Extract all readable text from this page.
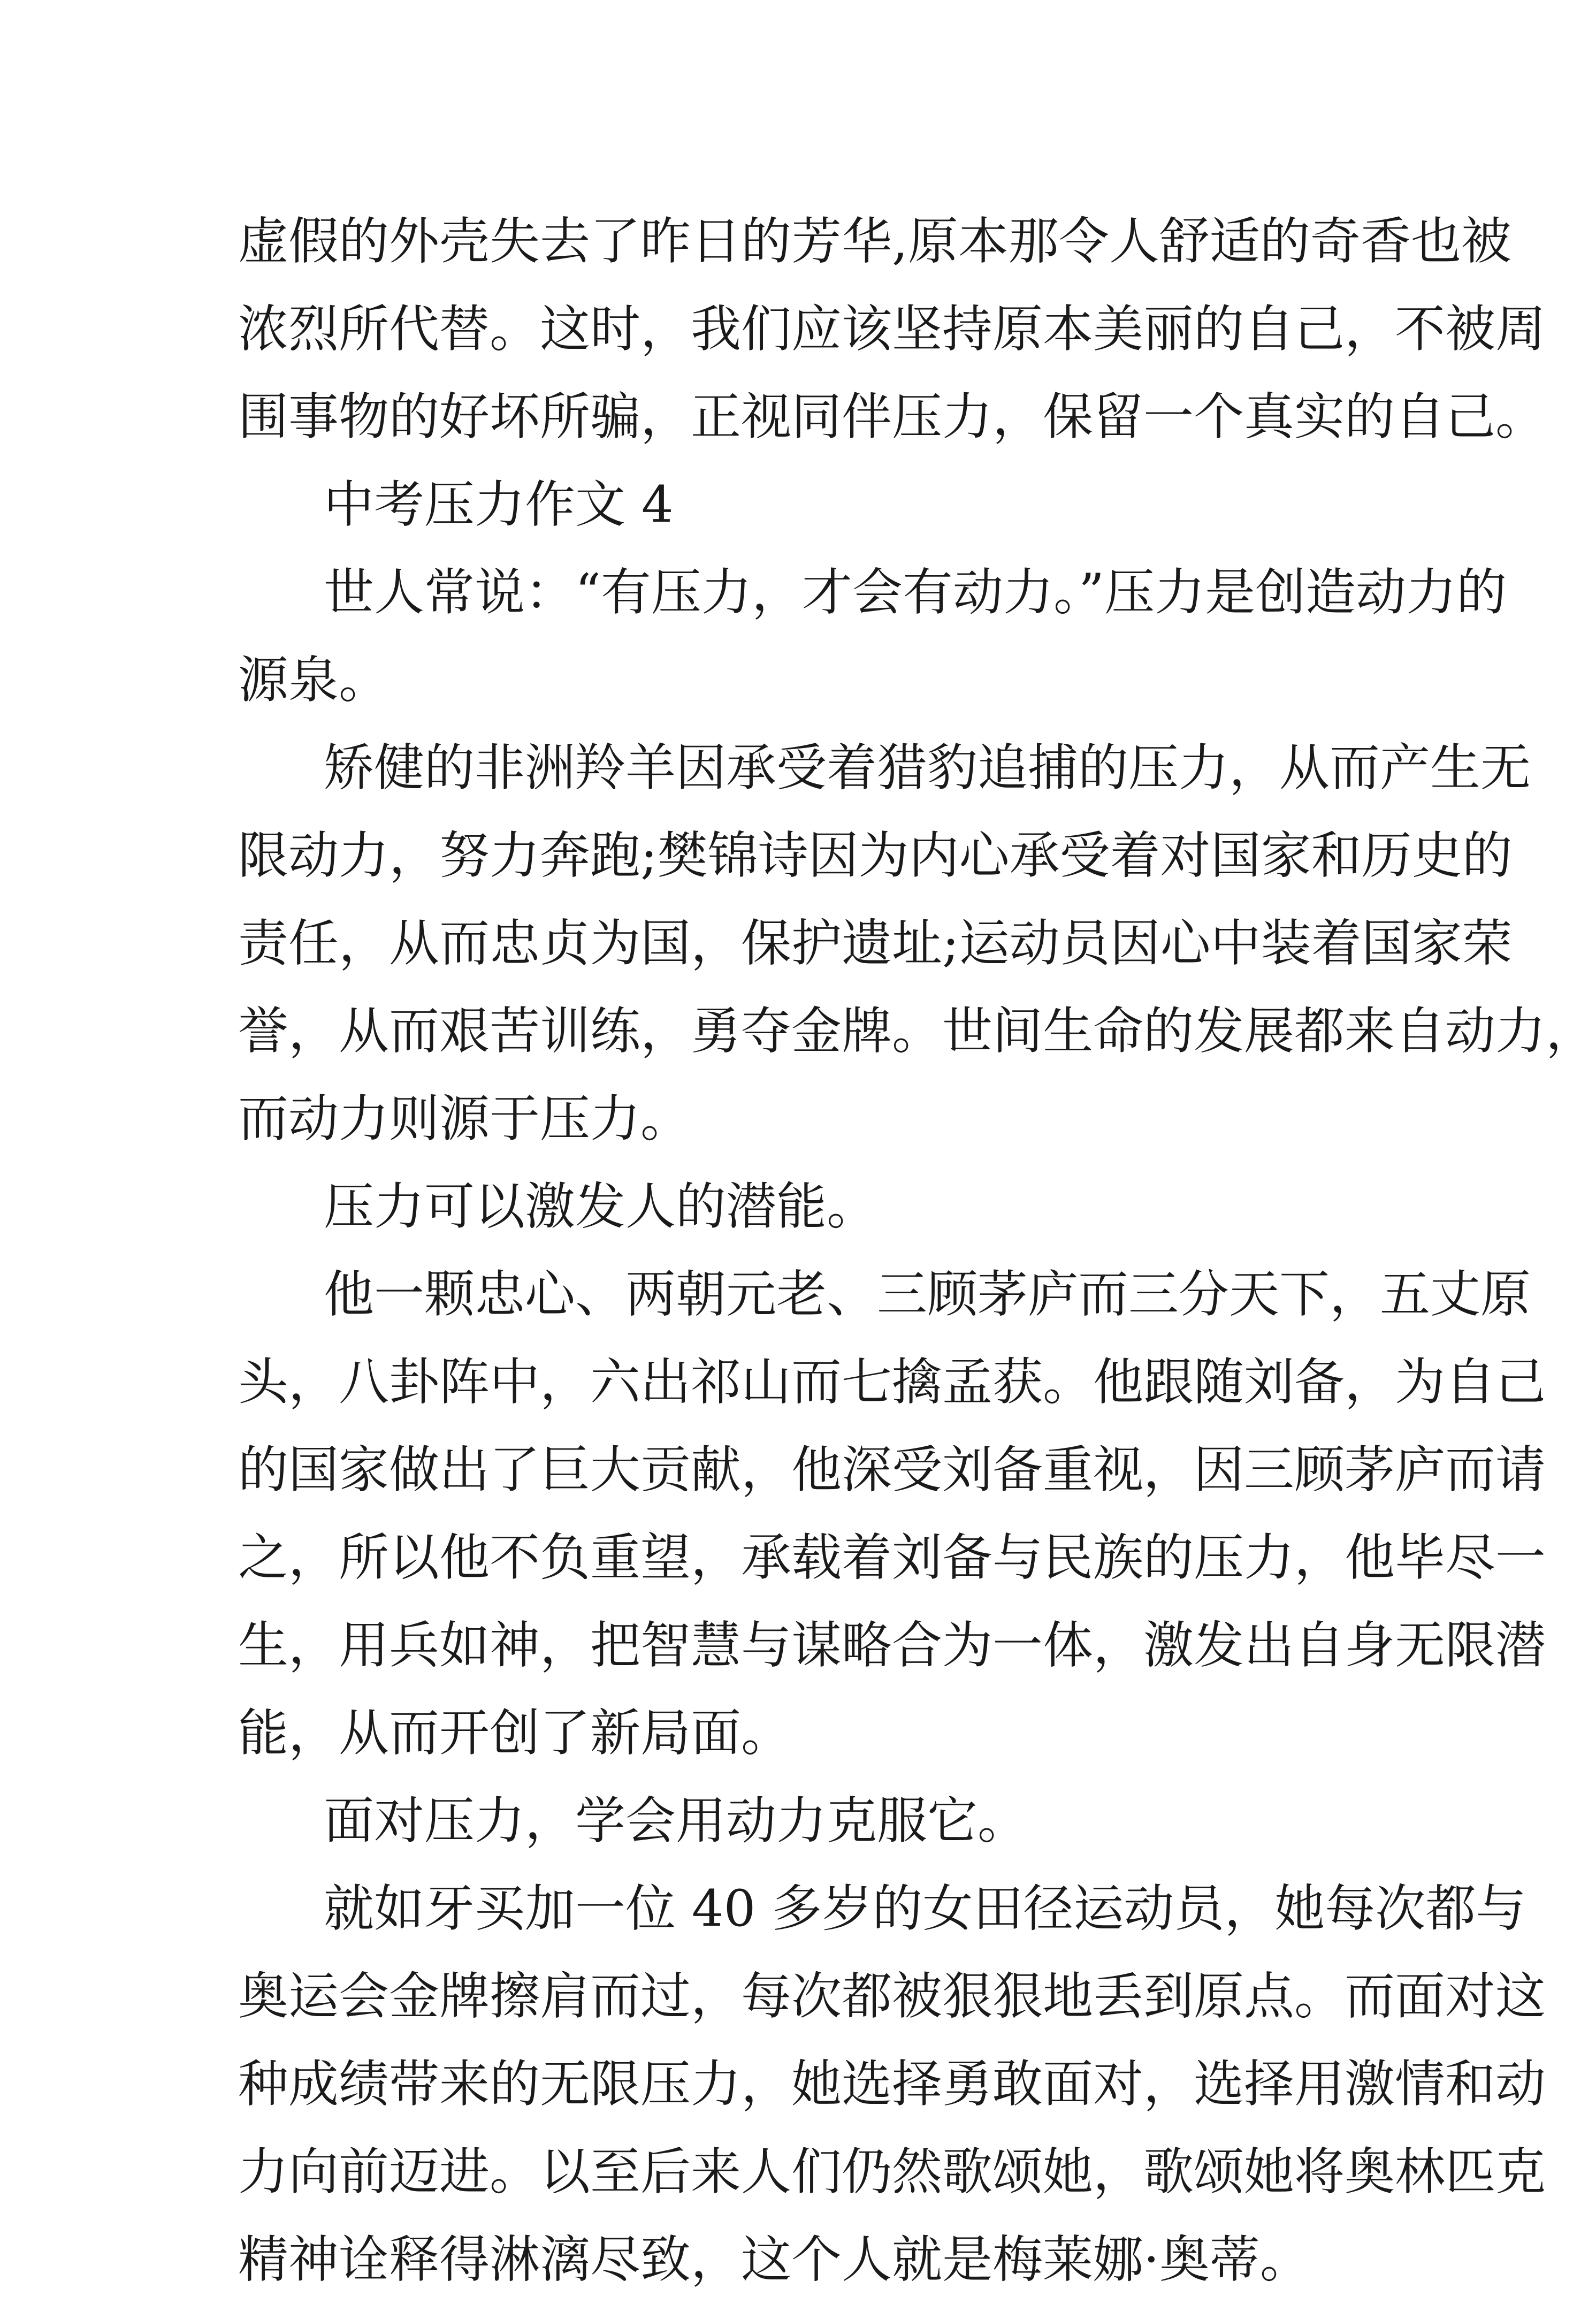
虚假的外壳失去了昨日的芳华,原本那令人舒适的奇香也被
浓烈所代替。这时，我们应该坚持原本美丽的自己，不被周
围事物的好坏所骗，正视同伴压力，保留一个真实的自己。
中考压力作文 4
世人常说：“有压力，才会有动力。”压力是创造动力的
源泉。
矫健的非洲羚羊因承受着猎豹追捕的压力，从而产生无
限动力，努力奔跑;樊锦诗因为内心承受着对国家和历史的
责任，从而忠贞为国，保护遗址;运动员因心中装着国家荣
誉，从而艰苦训练，勇夺金牌。世间生命的发展都来自动力，
而动力则源于压力。
压力可以激发人的潜能。
他一颗忠心、两朝元老、三顾茅庐而三分天下，五丈原
头，八卦阵中，六出祁山而七擒孟获。他跟随刘备，为自己
的国家做出了巨大贡献，他深受刘备重视，因三顾茅庐而请
之，所以他不负重望，承载着刘备与民族的压力，他毕尽一
生，用兵如神，把智慧与谋略合为一体，激发出自身无限潜
能，从而开创了新局面。
面对压力，学会用动力克服它。
就如牙买加一位 40 多岁的女田径运动员，她每次都与
奥运会金牌擦肩而过，每次都被狠狠地丢到原点。而面对这
种成绩带来的无限压力，她选择勇敢面对，选择用激情和动
力向前迈进。以至后来人们仍然歌颂她，歌颂她将奥林匹克
精神诠释得淋漓尽致，这个人就是梅莱娜·奥蒂。
